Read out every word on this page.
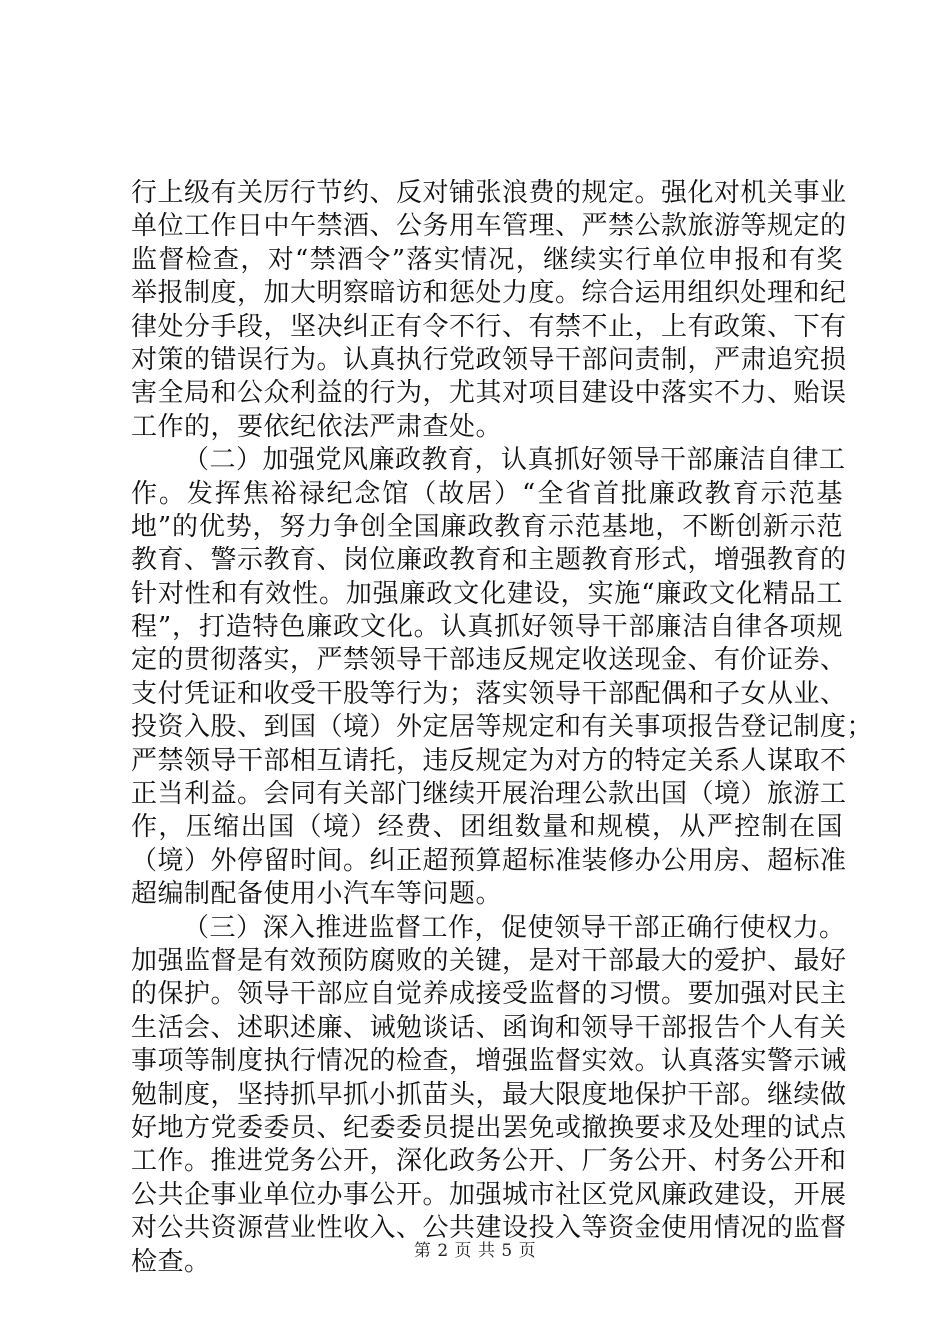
行上级有关厉行节约、反对铺张浪费的规定。强化对机关事业
单位工作日中午禁酒、公务用车管理、严禁公款旅游等规定的
监督检查，对“禁酒令”落实情况，继续实行单位申报和有奖
举报制度，加大明察暗访和惩处力度。综合运用组织处理和纪
律处分手段，坚决纠正有令不行、有禁不止，上有政策、下有
对策的错误行为。认真执行党政领导干部问责制，严肃追究损
害全局和公众利益的行为，尤其对项目建设中落实不力、贻误
工作的，要依纪依法严肃查处。
（二）加强党风廉政教育，认真抓好领导干部廉洁自律工
作。发挥焦裕禄纪念馆（故居）“全省首批廉政教育示范基
地”的优势，努力争创全国廉政教育示范基地，不断创新示范
教育、警示教育、岗位廉政教育和主题教育形式，增强教育的
针对性和有效性。加强廉政文化建设，实施“廉政文化精品工
程”，打造特色廉政文化。认真抓好领导干部廉洁自律各项规
定的贯彻落实，严禁领导干部违反规定收送现金、有价证券、
支付凭证和收受干股等行为；落实领导干部配偶和子女从业、
投资入股、到国（境）外定居等规定和有关事项报告登记制度；
严禁领导干部相互请托，违反规定为对方的特定关系人谋取不
正当利益。会同有关部门继续开展治理公款出国（境）旅游工
作，压缩出国（境）经费、团组数量和规模，从严控制在国
（境）外停留时间。纠正超预算超标准装修办公用房、超标准
超编制配备使用小汽车等问题。
（三）深入推进监督工作，促使领导干部正确行使权力。
加强监督是有效预防腐败的关键，是对干部最大的爱护、最好
的保护。领导干部应自觉养成接受监督的习惯。要加强对民主
生活会、述职述廉、诫勉谈话、函询和领导干部报告个人有关
事项等制度执行情况的检查，增强监督实效。认真落实警示诫
勉制度，坚持抓早抓小抓苗头，最大限度地保护干部。继续做
好地方党委委员、纪委委员提出罢免或撤换要求及处理的试点
工作。推进党务公开，深化政务公开、厂务公开、村务公开和
公共企事业单位办事公开。加强城市社区党风廉政建设，开展
对公共资源营业性收入、公共建设投入等资金使用情况的监督
检查。	第 2 页 共 5 页
